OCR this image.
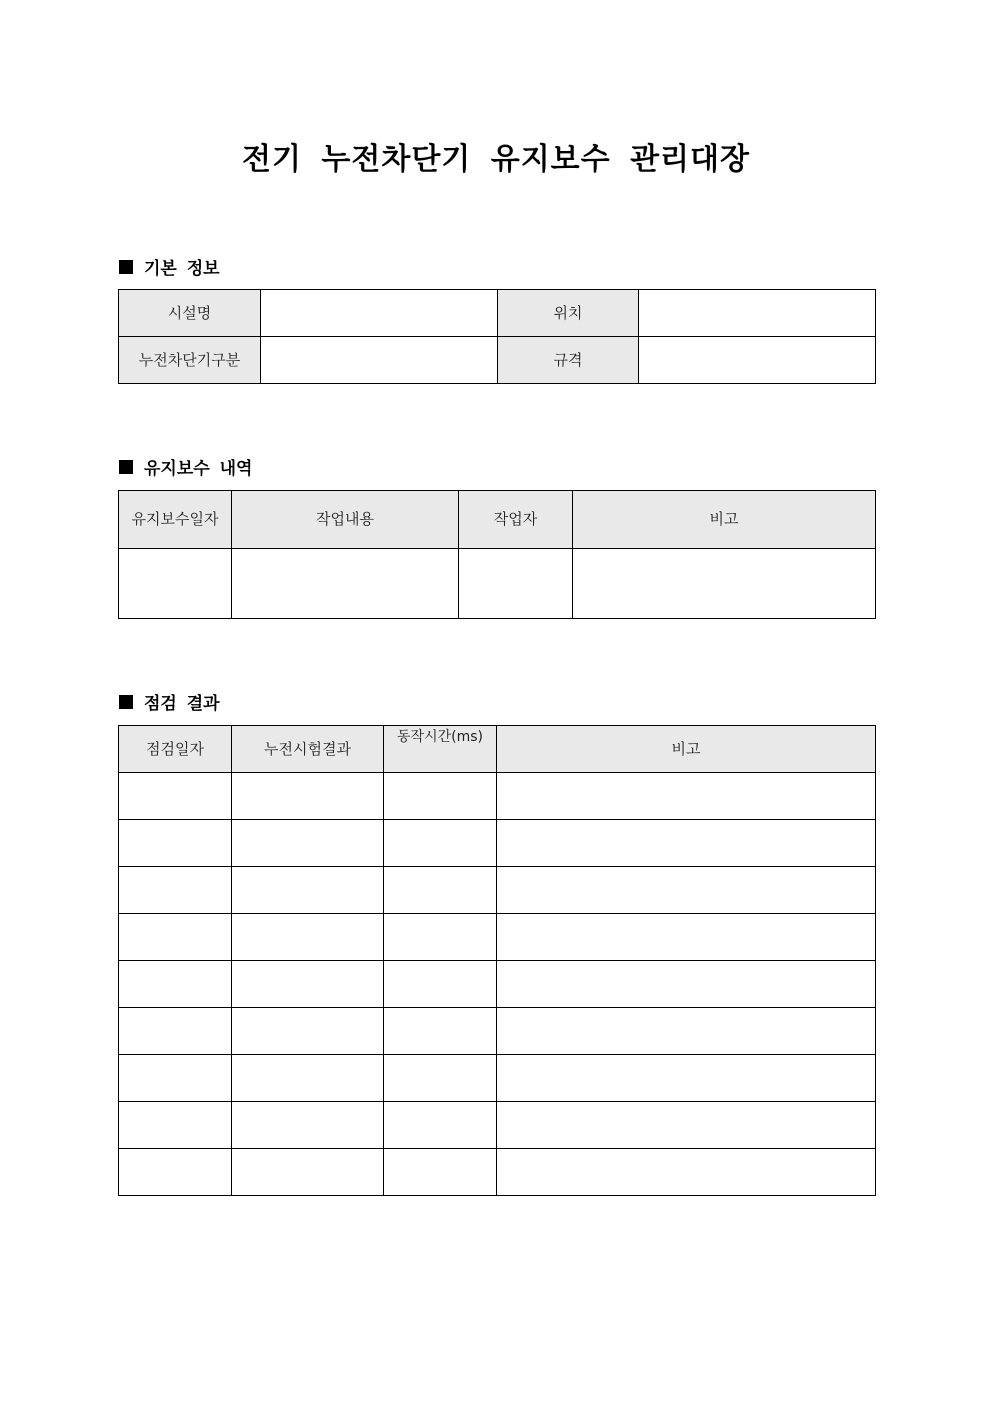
전기 누전차단기 유지보수 관리대장
기본 정보
시설명		위치	
누전차단기구분		규격	
유지보수 내역
유지보수일자	작업내용	작업자	비고

점검 결과
점검일자	누전시험결과	동작시간(ms)	비고
